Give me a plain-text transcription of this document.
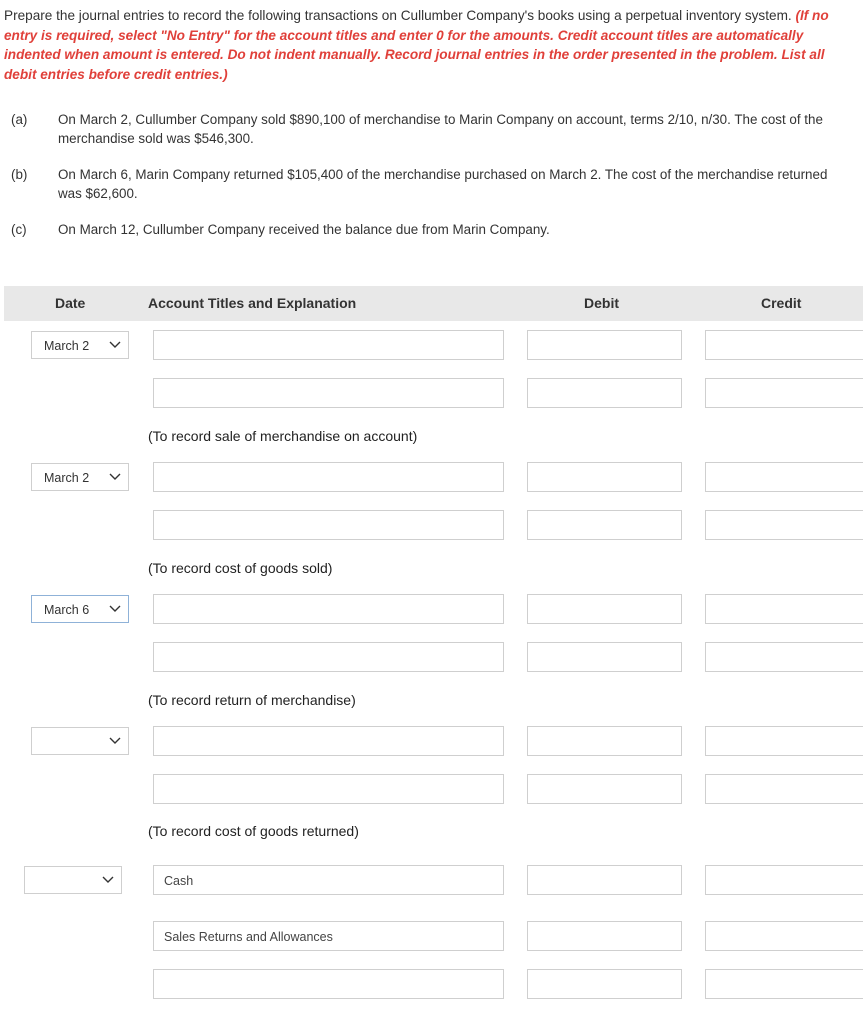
Prepare the journal entries to record the following transactions on Cullumber Company's books using a perpetual inventory system. (If no entry is required, select "No Entry" for the account titles and enter 0 for the amounts. Credit account titles are automatically indented when amount is entered. Do not indent manually. Record journal entries in the order presented in the problem. List all debit entries before credit entries.)
(a) On March 2, Cullumber Company sold $890,100 of merchandise to Marin Company on account, terms 2/10, n/30. The cost of the merchandise sold was $546,300.
(b) On March 6, Marin Company returned $105,400 of the merchandise purchased on March 2. The cost of the merchandise returned was $62,600.
(c) On March 12, Cullumber Company received the balance due from Marin Company.
Date	Account Titles and Explanation	Debit	Credit
March 2
(To record sale of merchandise on account)
March 2
(To record cost of goods sold)
March 6
(To record return of merchandise)
(To record cost of goods returned)
Cash
Sales Returns and Allowances
